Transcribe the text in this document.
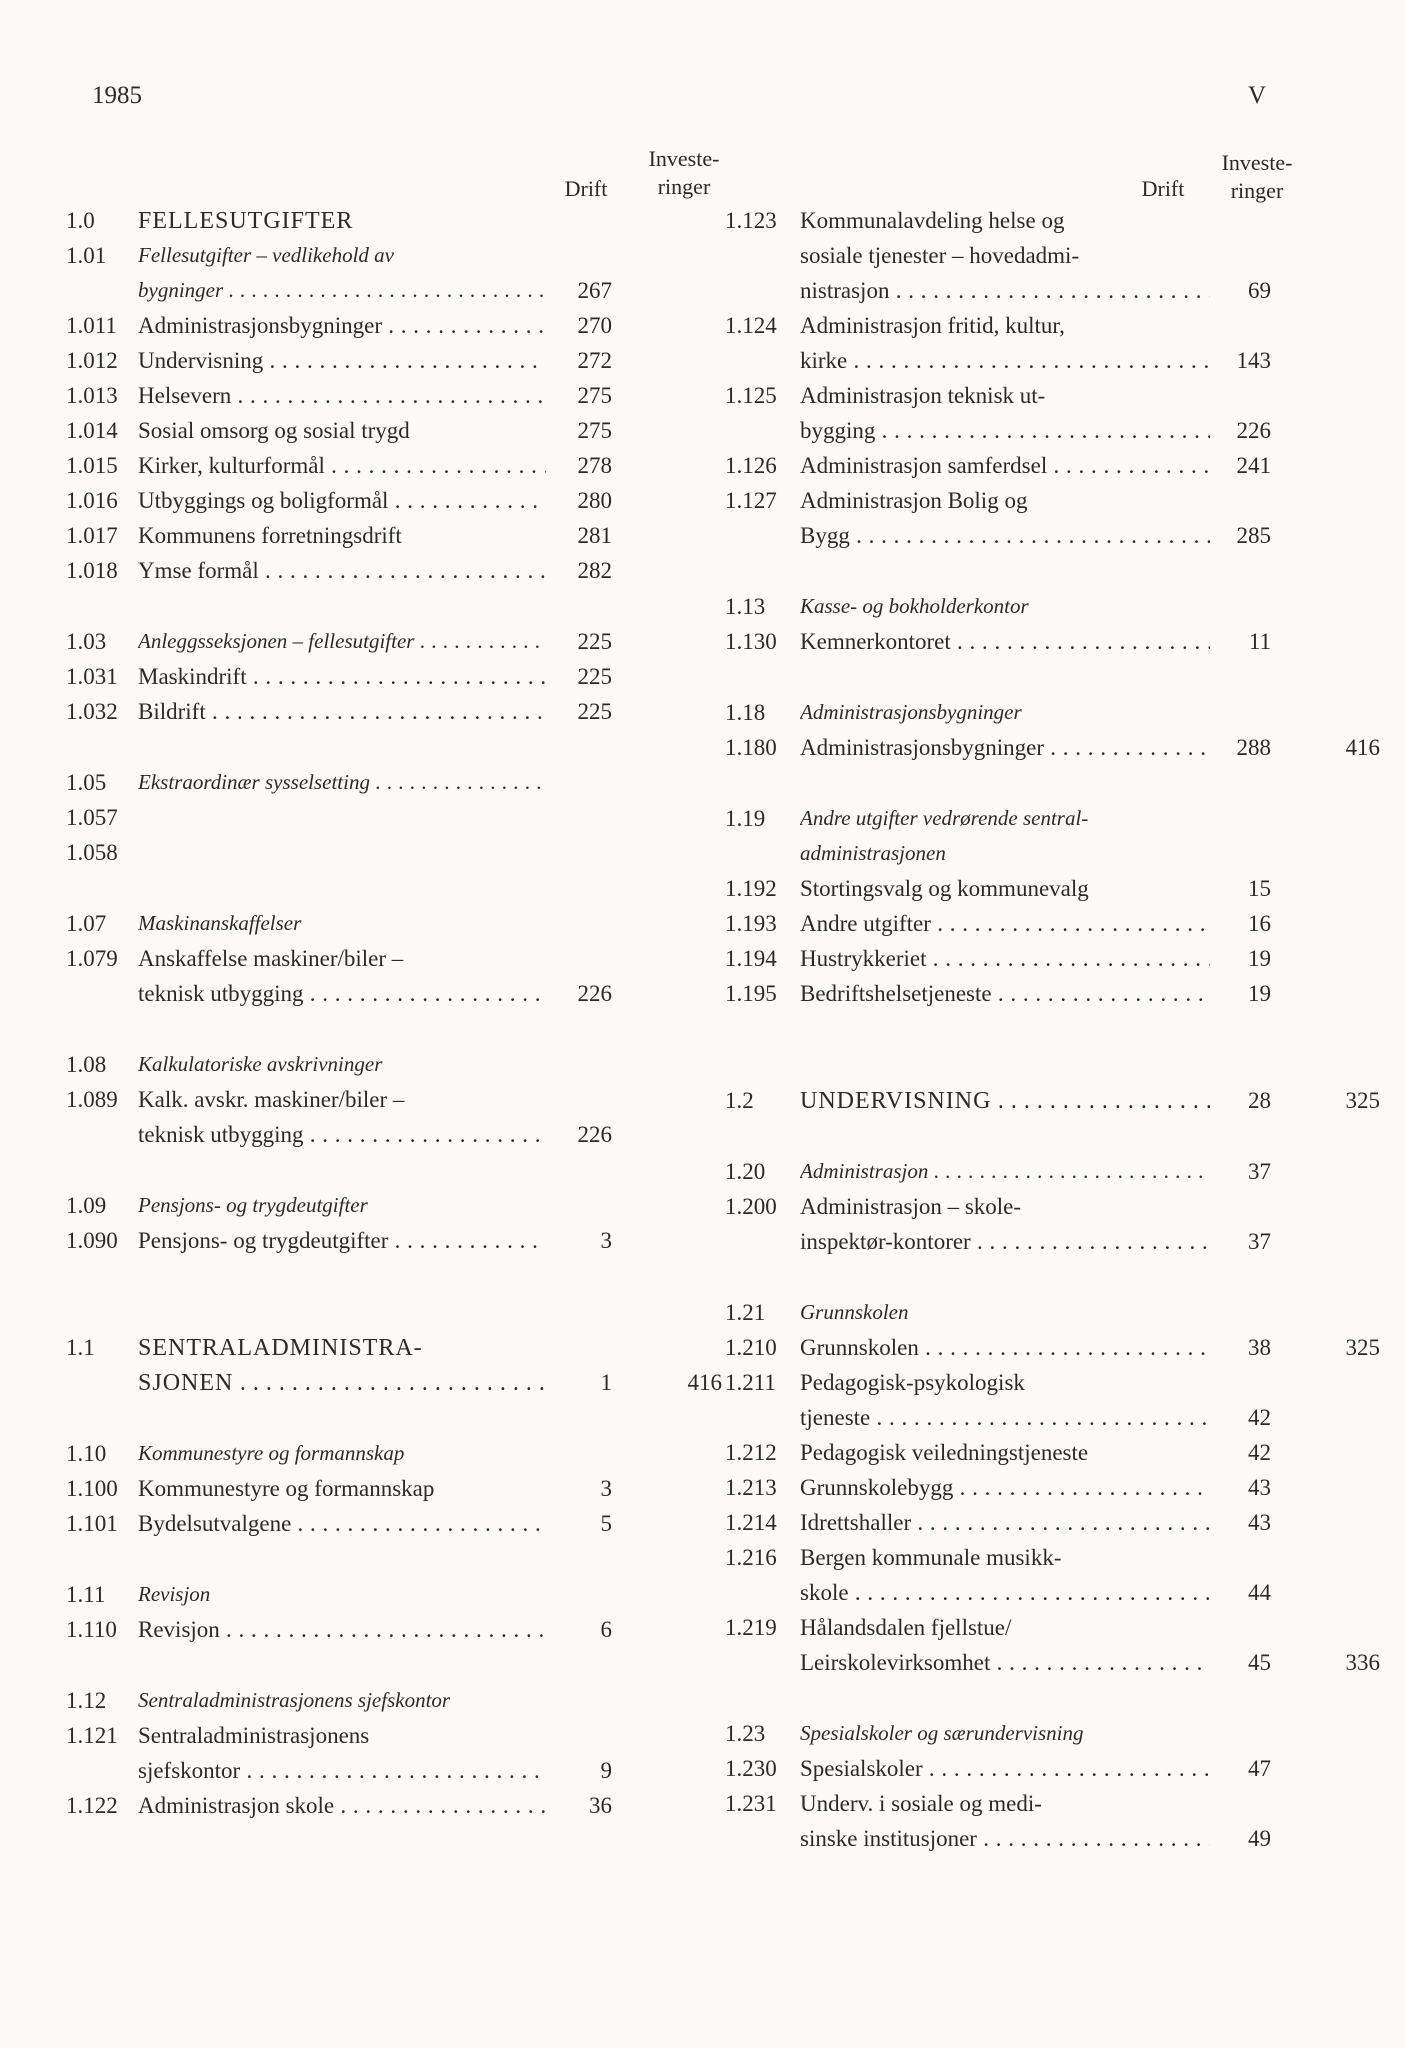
1985	V
Drift
Investe-
ringer
1.0 FELLESUTGIFTER
1.01 Fellesutgifter – vedlikehold av
bygninger . . .	267
1.011 Administrasjonsbygninger . . .	270
1.012 Undervisning . . .	272
1.013 Helsevern . . .	275
1.014 Sosial omsorg og sosial trygd	275
1.015 Kirker, kulturformål . . .	278
1.016 Utbyggings og boligformål . . .	280
1.017 Kommunens forretningsdrift	281
1.018 Ymse formål . . .	282
1.03 Anleggsseksjonen – fellesutgifter . . .	225
1.031 Maskindrift . . .	225
1.032 Bildrift . . .	225
1.05 Ekstraordinær sysselsetting . . .
1.057
1.058
1.07 Maskinanskaffelser
1.079 Anskaffelse maskiner/biler –
teknisk utbygging . . .	226
1.08 Kalkulatoriske avskrivninger
1.089 Kalk. avskr. maskiner/biler –
teknisk utbygging . . .	226
1.09 Pensjons- og trygdeutgifter
1.090 Pensjons- og trygdeutgifter . . .	3
1.1 SENTRALADMINISTRA-
SJONEN . . .	1	416
1.10 Kommunestyre og formannskap
1.100 Kommunestyre og formannskap	3
1.101 Bydelsutvalgene . . .	5
1.11 Revisjon
1.110 Revisjon . . .	6
1.12 Sentraladministrasjonens sjefskontor
1.121 Sentraladministrasjonens
sjefskontor . . .	9
1.122 Administrasjon skole . . .	36
Drift
Investe-
ringer
1.123 Kommunalavdeling helse og
sosiale tjenester – hovedadmi-
nistrasjon . . .	69
1.124 Administrasjon fritid, kultur,
kirke . . .	143
1.125 Administrasjon teknisk ut-
bygging . . .	226
1.126 Administrasjon samferdsel . . .	241
1.127 Administrasjon Bolig og
Bygg . . .	285
1.13 Kasse- og bokholderkontor
1.130 Kemnerkontoret . . .	11
1.18 Administrasjonsbygninger
1.180 Administrasjonsbygninger . . .	288	416
1.19 Andre utgifter vedrørende sentral-
administrasjonen
1.192 Stortingsvalg og kommunevalg	15
1.193 Andre utgifter . . .	16
1.194 Hustrykkeriet . . .	19
1.195 Bedriftshelsetjeneste . . .	19
1.2 UNDERVISNING . . .	28	325
1.20 Administrasjon . . .	37
1.200 Administrasjon – skole-
inspektør-kontorer . . .	37
1.21 Grunnskolen
1.210 Grunnskolen . . .	38	325
1.211 Pedagogisk-psykologisk
tjeneste . . .	42
1.212 Pedagogisk veiledningstjeneste	42
1.213 Grunnskolebygg . . .	43
1.214 Idrettshaller . . .	43
1.216 Bergen kommunale musikk-
skole . . .	44
1.219 Hålandsdalen fjellstue/
Leirskolevirksomhet . . .	45	336
1.23 Spesialskoler og særundervisning
1.230 Spesialskoler . . .	47
1.231 Underv. i sosiale og medi-
sinske institusjoner . . .	49
